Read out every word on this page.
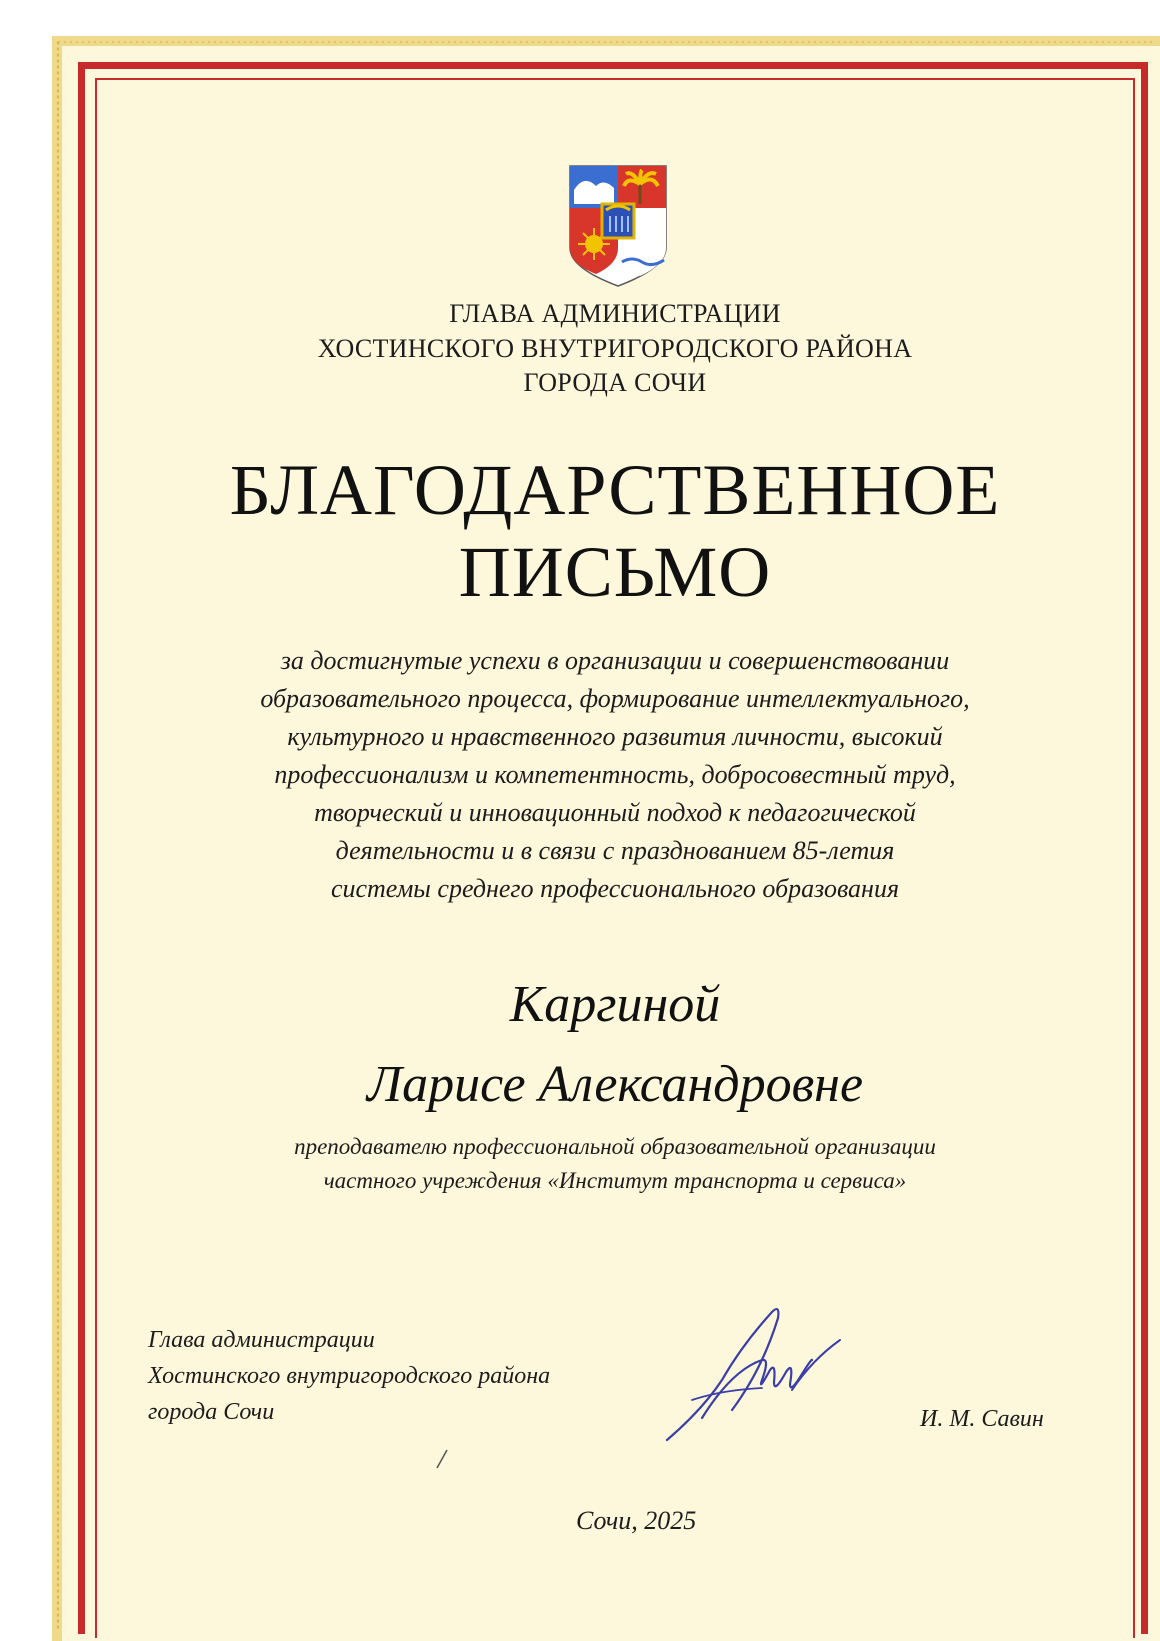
ГЛАВА АДМИНИСТРАЦИИ
ХОСТИНСКОГО ВНУТРИГОРОДСКОГО РАЙОНА
ГОРОДА СОЧИ
БЛАГОДАРСТВЕННОЕ
ПИСЬМО
за достигнутые успехи в организации и совершенствовании
образовательного процесса, формирование интеллектуального,
культурного и нравственного развития личности, высокий
профессионализм и компетентность, добросовестный труд,
творческий и инновационный подход к педагогической
деятельности и в связи с празднованием 85-летия
системы среднего профессионального образования
Каргиной
Ларисе Александровне
преподавателю профессиональной образовательной организации
частного учреждения «Институт транспорта и сервиса»
Глава администрации
Хостинского внутригородского района
города Сочи	И. М. Савин
Сочи, 2025
